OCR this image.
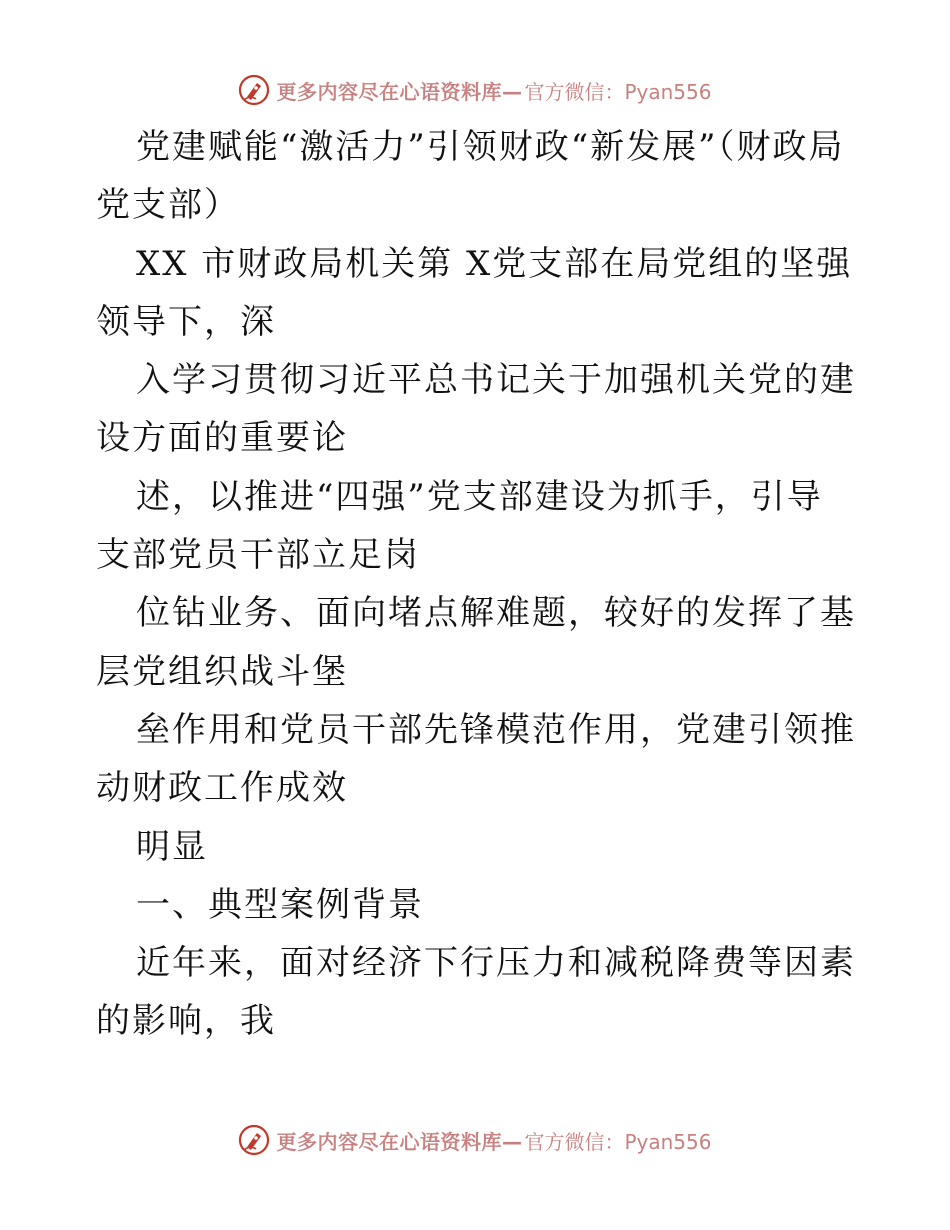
更多内容尽在心语资料库— 官方微信：Pyan556

党建赋能“激活力”引领财政“新发展”（财政局党支部）

XX 市财政局机关第 X党支部在局党组的坚强领导下，深

入学习贯彻习近平总书记关于加强机关党的建设方面的重要论

述，以推进“四强”党支部建设为抓手，引导支部党员干部立足岗

位钻业务、面向堵点解难题，较好的发挥了基层党组织战斗堡

垒作用和党员干部先锋模范作用，党建引领推动财政工作成效

明显

一、典型案例背景

近年来，面对经济下行压力和减税降费等因素的影响，我

更多内容尽在心语资料库— 官方微信：Pyan556
